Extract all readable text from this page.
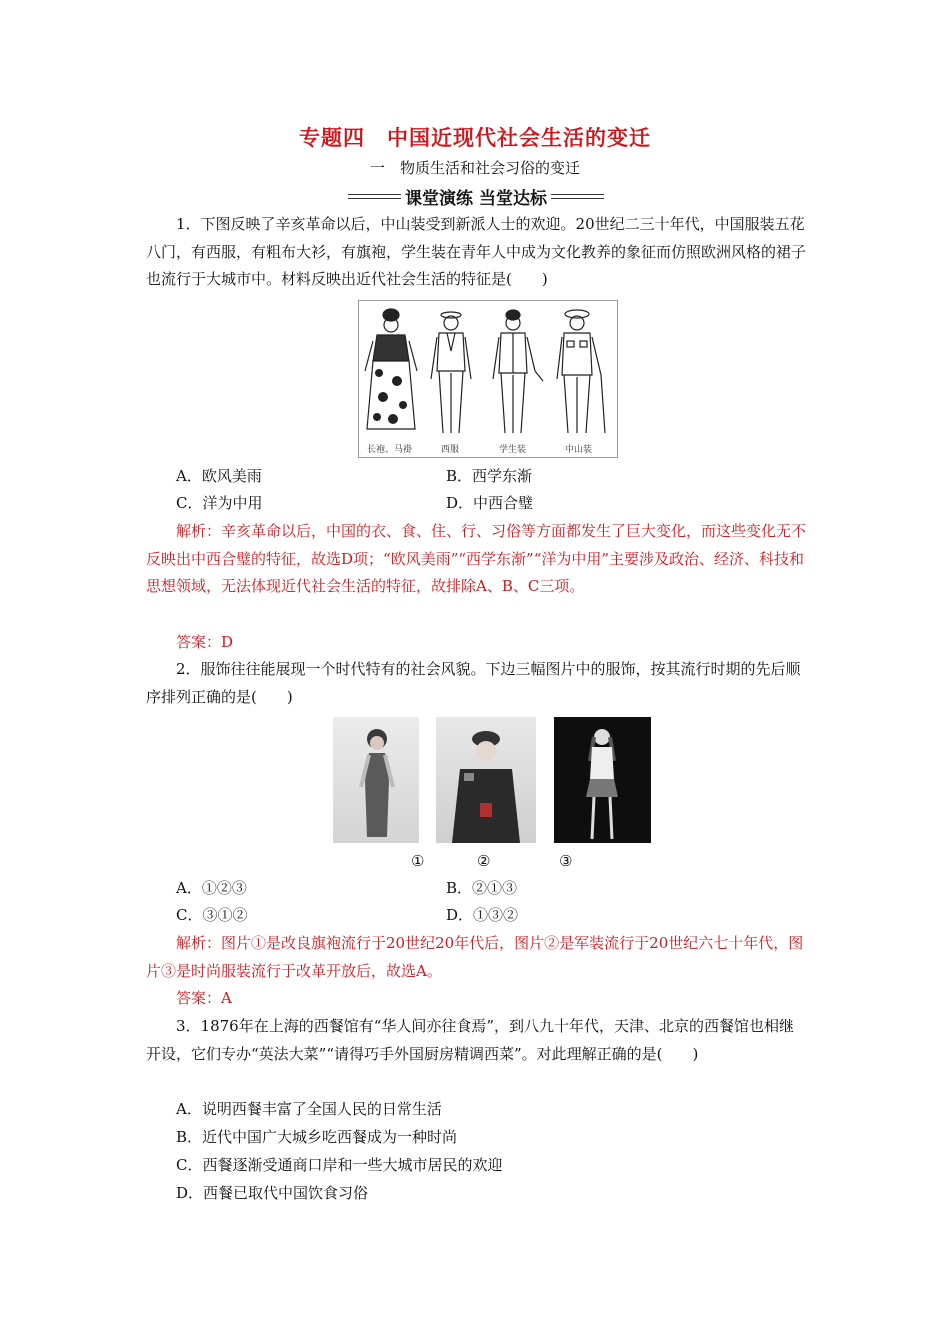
专题四　中国近现代社会生活的变迁
一　物质生活和社会习俗的变迁
课堂演练 当堂达标
1．下图反映了辛亥革命以后，中山装受到新派人士的欢迎。20世纪二三十年代，中国服装五花八门，有西服，有粗布大衫，有旗袍，学生装在青年人中成为文化教养的象征而仿照欧洲风格的裙子也流行于大城市中。材料反映出近代社会生活的特征是(　　)
长袍、马褂	西服	学生装	中山装
A．欧风美雨	B．西学东渐
C．洋为中用	D．中西合璧
解析：辛亥革命以后，中国的衣、食、住、行、习俗等方面都发生了巨大变化，而这些变化无不反映出中西合璧的特征，故选D项；“欧风美雨”“西学东渐”“洋为中用”主要涉及政治、经济、科技和思想领域，无法体现近代社会生活的特征，故排除A、B、C三项。
答案：D
2．服饰往往能展现一个时代特有的社会风貌。下边三幅图片中的服饰，按其流行时期的先后顺序排列正确的是(　　)
①	②	③
A．①②③	B．②①③
C．③①②	D．①③②
解析：图片①是改良旗袍流行于20世纪20年代后，图片②是军装流行于20世纪六七十年代，图片③是时尚服装流行于改革开放后，故选A。
答案：A
3．1876年在上海的西餐馆有“华人间亦往食焉”，到八九十年代，天津、北京的西餐馆也相继开设，它们专办“英法大菜”“请得巧手外国厨房精调西菜”。对此理解正确的是(　　)
A．说明西餐丰富了全国人民的日常生活
B．近代中国广大城乡吃西餐成为一种时尚
C．西餐逐渐受通商口岸和一些大城市居民的欢迎
D．西餐已取代中国饮食习俗
